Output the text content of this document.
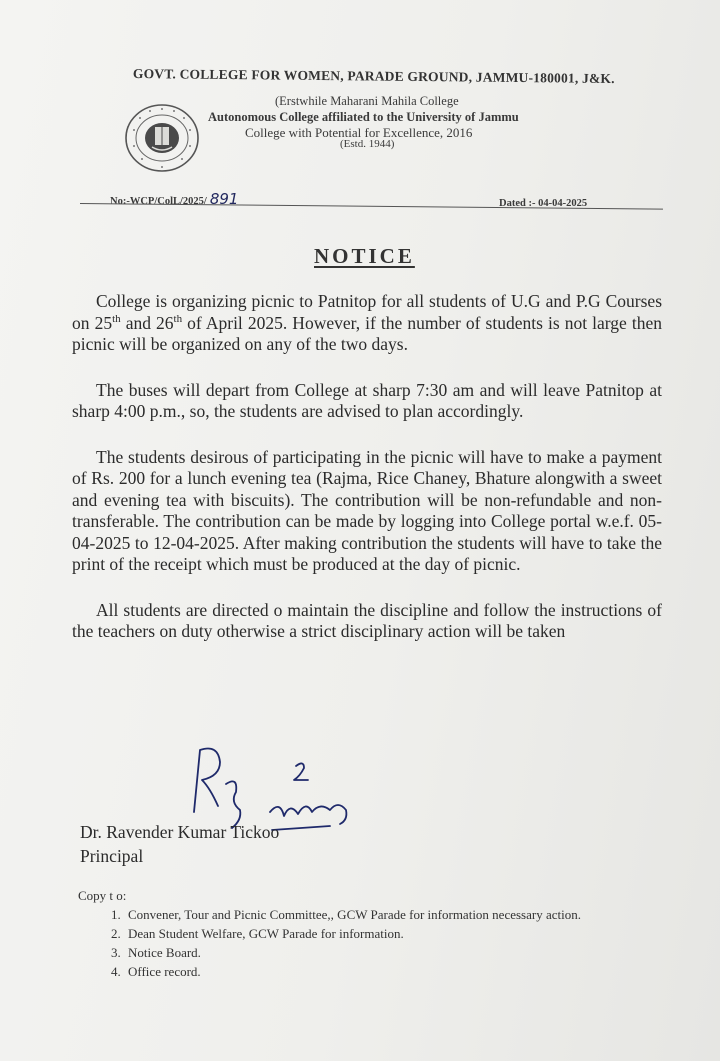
GOVT. COLLEGE FOR WOMEN, PARADE GROUND, JAMMU-180001, J&K.
(Erstwhile Maharani Mahila College
Autonomous College affiliated to the University of Jammu
College with Potential for Excellence, 2016
(Estd. 1944)
No:-WCP/ColL/2025/ 891	Dated :- 04-04-2025
NOTICE

College is organizing picnic to Patnitop for all students of U.G and P.G Courses on 25th and 26th of April 2025. However, if the number of students is not large then picnic will be organized on any of the two days.

The buses will depart from College at sharp 7:30 am and will leave Patnitop at sharp 4:00 p.m., so, the students are advised to plan accordingly.

The students desirous of participating in the picnic will have to make a payment of Rs. 200 for a lunch evening tea (Rajma, Rice Chaney, Bhature alongwith a sweet and evening tea with biscuits). The contribution will be non-refundable and non-transferable. The contribution can be made by logging into College portal w.e.f. 05-04-2025 to 12-04-2025. After making contribution the students will have to take the print of the receipt which must be produced at the day of picnic.

All students are directed o maintain the discipline and follow the instructions of the teachers on duty otherwise a strict disciplinary action will be taken

Dr. Ravender Kumar Tickoo
Principal
Copy t o:
1. Convener, Tour and Picnic Committee,, GCW Parade for information necessary action.
2. Dean Student Welfare, GCW Parade for information.
3. Notice Board.
4. Office record.
